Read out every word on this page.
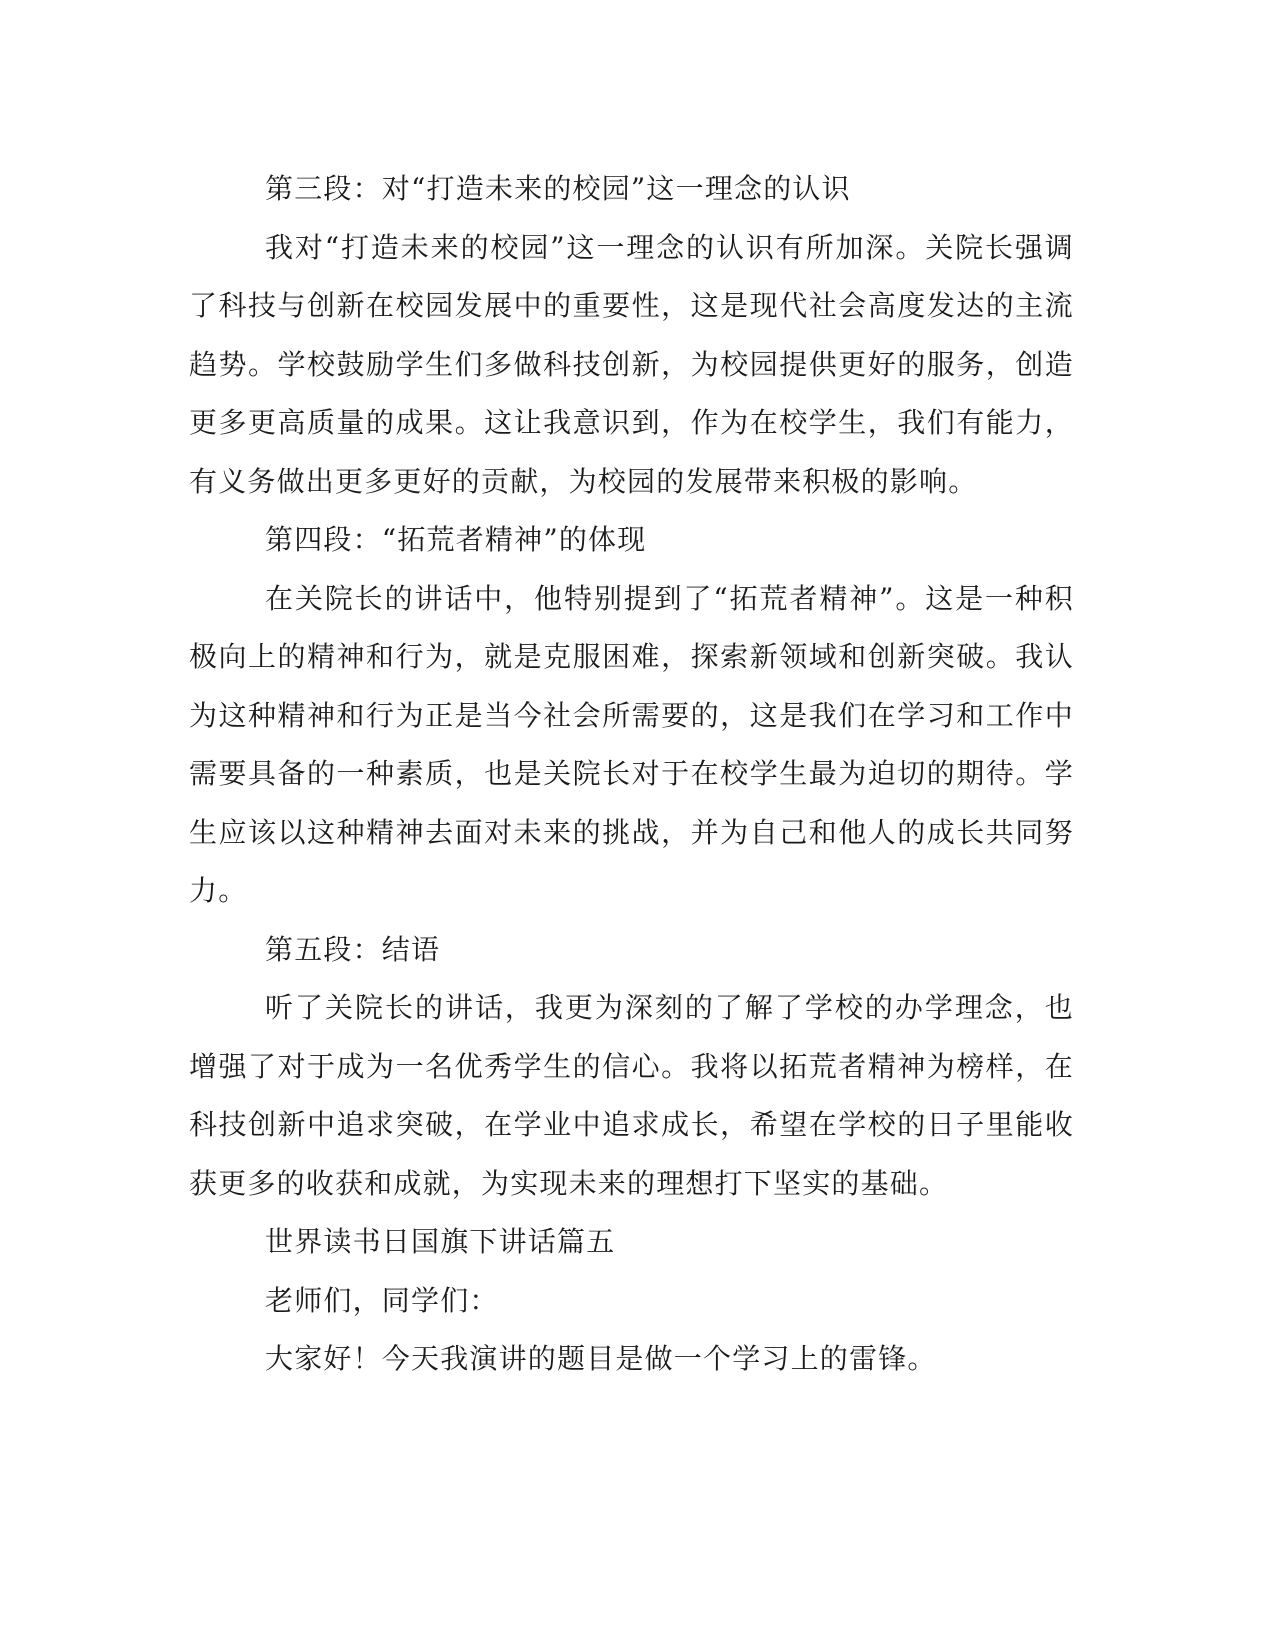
第三段：对“打造未来的校园”这一理念的认识

我对“打造未来的校园”这一理念的认识有所加深。关院长强调了科技与创新在校园发展中的重要性，这是现代社会高度发达的主流趋势。学校鼓励学生们多做科技创新，为校园提供更好的服务，创造更多更高质量的成果。这让我意识到，作为在校学生，我们有能力，有义务做出更多更好的贡献，为校园的发展带来积极的影响。

第四段：“拓荒者精神”的体现

在关院长的讲话中，他特别提到了“拓荒者精神”。这是一种积极向上的精神和行为，就是克服困难，探索新领域和创新突破。我认为这种精神和行为正是当今社会所需要的，这是我们在学习和工作中需要具备的一种素质，也是关院长对于在校学生最为迫切的期待。学生应该以这种精神去面对未来的挑战，并为自己和他人的成长共同努力。

第五段：结语

听了关院长的讲话，我更为深刻的了解了学校的办学理念，也增强了对于成为一名优秀学生的信心。我将以拓荒者精神为榜样，在科技创新中追求突破，在学业中追求成长，希望在学校的日子里能收获更多的收获和成就，为实现未来的理想打下坚实的基础。

世界读书日国旗下讲话篇五

老师们，同学们：

大家好！今天我演讲的题目是做一个学习上的雷锋。
